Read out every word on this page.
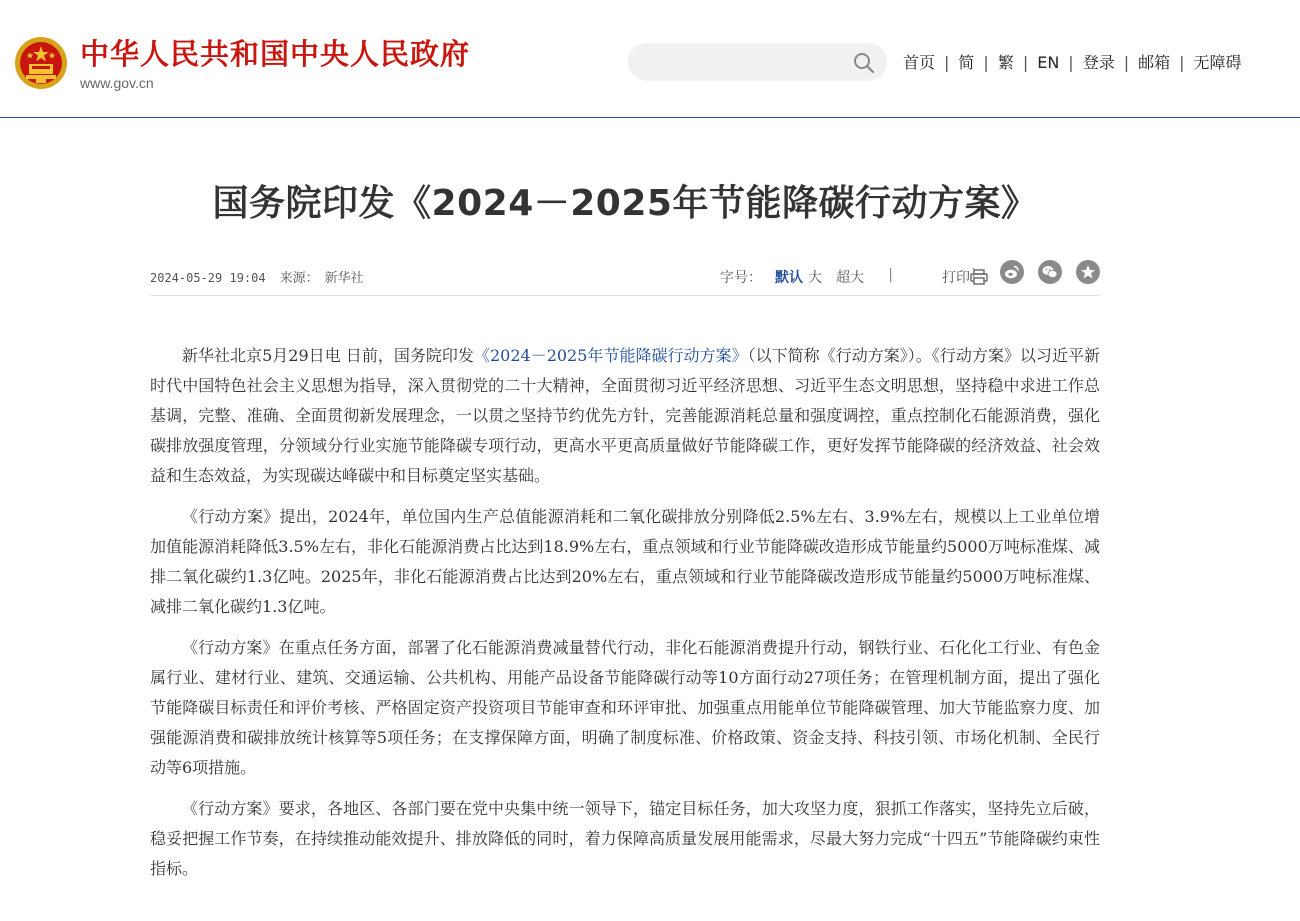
中华人民共和国中央人民政府
www.gov.cn
首页 | 简 | 繁 | EN | 登录 | 邮箱 | 无障碍
国务院印发《2024－2025年节能降碳行动方案》
2024-05-29 19:04 来源： 新华社	字号： 默认 大 超大 |	打印 |

新华社北京5月29日电 日前，国务院印发《2024－2025年节能降碳行动方案》（以下简称《行动方案》）。《行动方案》以习近平新时代中国特色社会主义思想为指导，深入贯彻党的二十大精神，全面贯彻习近平经济思想、习近平生态文明思想，坚持稳中求进工作总基调，完整、准确、全面贯彻新发展理念，一以贯之坚持节约优先方针，完善能源消耗总量和强度调控，重点控制化石能源消费，强化碳排放强度管理，分领域分行业实施节能降碳专项行动，更高水平更高质量做好节能降碳工作，更好发挥节能降碳的经济效益、社会效益和生态效益，为实现碳达峰碳中和目标奠定坚实基础。

《行动方案》提出，2024年，单位国内生产总值能源消耗和二氧化碳排放分别降低2.5%左右、3.9%左右，规模以上工业单位增加值能源消耗降低3.5%左右，非化石能源消费占比达到18.9%左右，重点领域和行业节能降碳改造形成节能量约5000万吨标准煤、减排二氧化碳约1.3亿吨。2025年，非化石能源消费占比达到20%左右，重点领域和行业节能降碳改造形成节能量约5000万吨标准煤、减排二氧化碳约1.3亿吨。

《行动方案》在重点任务方面，部署了化石能源消费减量替代行动，非化石能源消费提升行动，钢铁行业、石化化工行业、有色金属行业、建材行业、建筑、交通运输、公共机构、用能产品设备节能降碳行动等10方面行动27项任务；在管理机制方面，提出了强化节能降碳目标责任和评价考核、严格固定资产投资项目节能审查和环评审批、加强重点用能单位节能降碳管理、加大节能监察力度、加强能源消费和碳排放统计核算等5项任务；在支撑保障方面，明确了制度标准、价格政策、资金支持、科技引领、市场化机制、全民行动等6项措施。

《行动方案》要求，各地区、各部门要在党中央集中统一领导下，锚定目标任务，加大攻坚力度，狠抓工作落实，坚持先立后破，稳妥把握工作节奏，在持续推动能效提升、排放降低的同时，着力保障高质量发展用能需求，尽最大努力完成“十四五”节能降碳约束性指标。
